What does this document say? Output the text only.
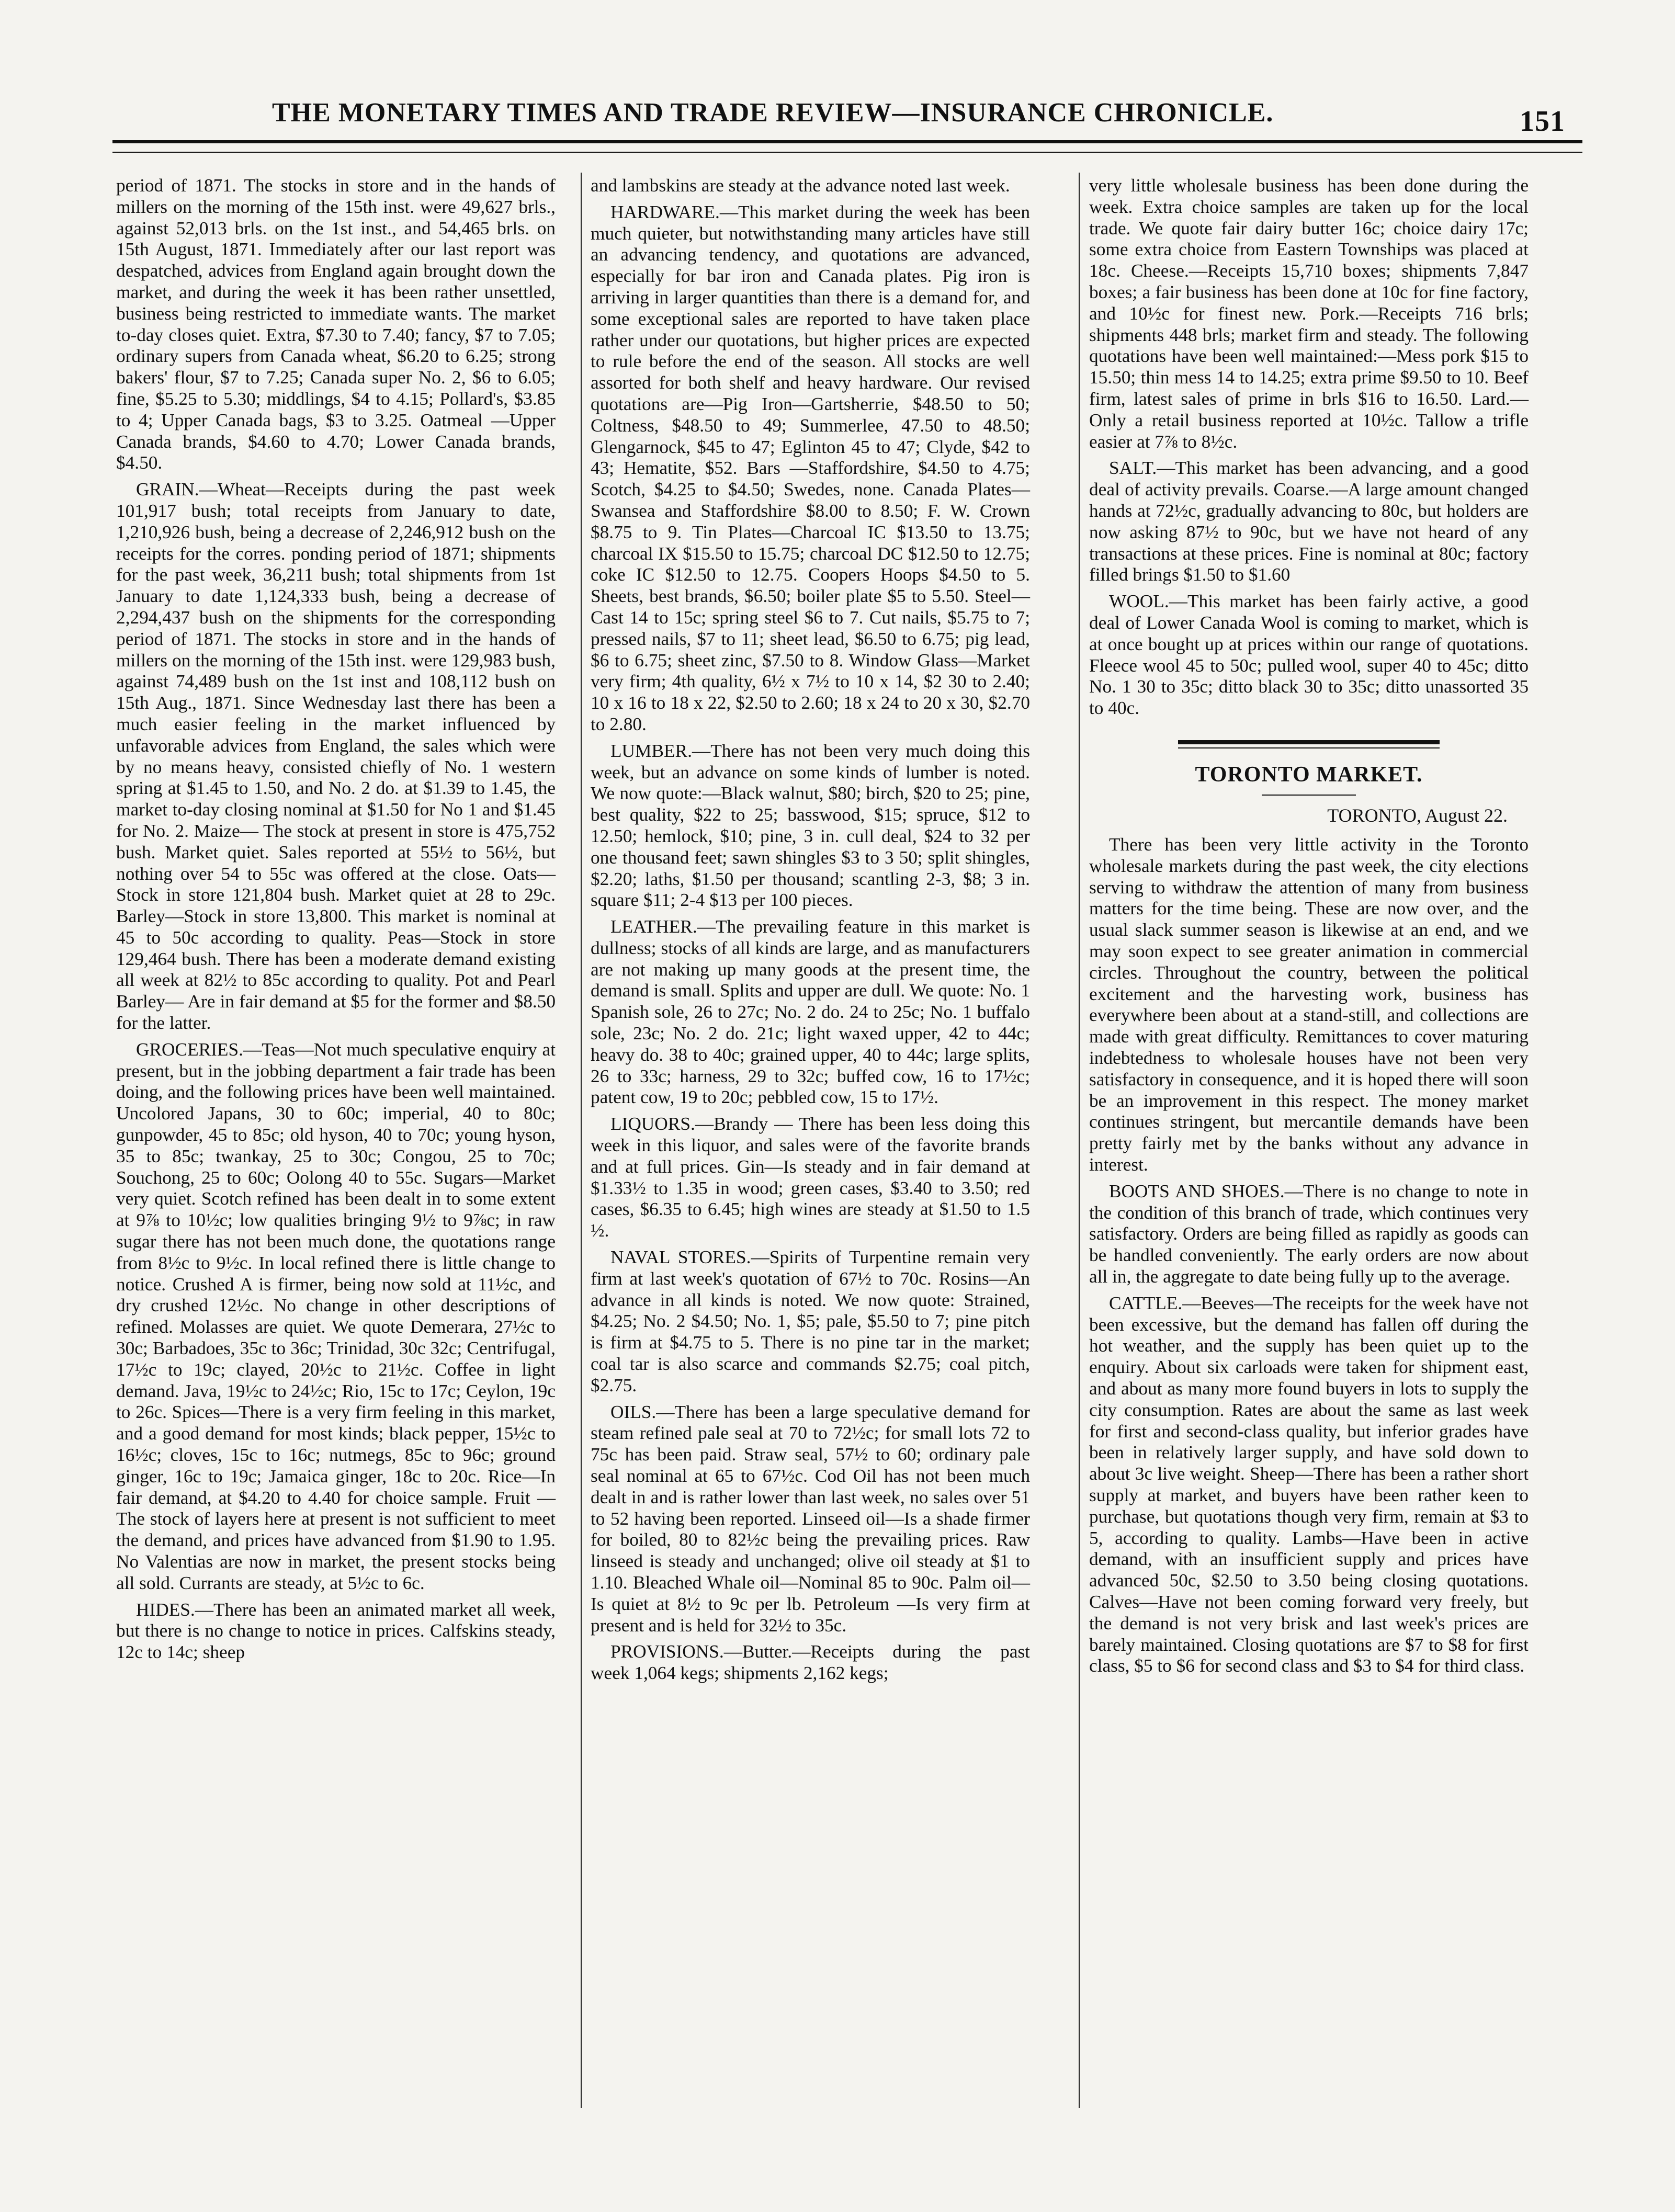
THE MONETARY TIMES AND TRADE REVIEW—INSURANCE CHRONICLE.	151

period of 1871. The stocks in store and in the hands of millers on the morning of the 15th inst. were 49,627 brls., against 52,013 brls. on the 1st inst., and 54,465 brls. on 15th August, 1871. Immediately after our last report was despatched, advices from England again brought down the market, and during the week it has been rather unsettled, business being restricted to immediate wants. The market to-day closes quiet. Extra, $7.30 to 7.40; fancy, $7 to 7.05; ordinary supers from Canada wheat, $6.20 to 6.25; strong bakers' flour, $7 to 7.25; Canada super No. 2, $6 to 6.05; fine, $5.25 to 5.30; middlings, $4 to 4.15; Pollard's, $3.85 to 4; Upper Canada bags, $3 to 3.25. Oatmeal —Upper Canada brands, $4.60 to 4.70; Lower Canada brands, $4.50.

GRAIN.—Wheat—Receipts during the past week 101,917 bush; total receipts from January to date, 1,210,926 bush, being a decrease of 2,246,912 bush on the receipts for the corres. ponding period of 1871; shipments for the past week, 36,211 bush; total shipments from 1st January to date 1,124,333 bush, being a decrease of 2,294,437 bush on the shipments for the corresponding period of 1871. The stocks in store and in the hands of millers on the morning of the 15th inst. were 129,983 bush, against 74,489 bush on the 1st inst and 108,112 bush on 15th Aug., 1871. Since Wednesday last there has been a much easier feeling in the market influenced by unfavorable advices from England, the sales which were by no means heavy, consisted chiefly of No. 1 western spring at $1.45 to 1.50, and No. 2 do. at $1.39 to 1.45, the market to-day closing nominal at $1.50 for No 1 and $1.45 for No. 2. Maize— The stock at present in store is 475,752 bush. Market quiet. Sales reported at 55½ to 56½, but nothing over 54 to 55c was offered at the close. Oats—Stock in store 121,804 bush. Market quiet at 28 to 29c. Barley—Stock in store 13,800. This market is nominal at 45 to 50c according to quality. Peas—Stock in store 129,464 bush. There has been a moderate demand existing all week at 82½ to 85c according to quality. Pot and Pearl Barley— Are in fair demand at $5 for the former and $8.50 for the latter.

GROCERIES.—Teas—Not much speculative enquiry at present, but in the jobbing department a fair trade has been doing, and the following prices have been well maintained. Uncolored Japans, 30 to 60c; imperial, 40 to 80c; gunpowder, 45 to 85c; old hyson, 40 to 70c; young hyson, 35 to 85c; twankay, 25 to 30c; Congou, 25 to 70c; Souchong, 25 to 60c; Oolong 40 to 55c. Sugars—Market very quiet. Scotch refined has been dealt in to some extent at 9⅞ to 10½c; low qualities bringing 9½ to 9⅞c; in raw sugar there has not been much done, the quotations range from 8½c to 9½c. In local refined there is little change to notice. Crushed A is firmer, being now sold at 11½c, and dry crushed 12½c. No change in other descriptions of refined. Molasses are quiet. We quote Demerara, 27½c to 30c; Barbadoes, 35c to 36c; Trinidad, 30c 32c; Centrifugal, 17½c to 19c; clayed, 20½c to 21½c. Coffee in light demand. Java, 19½c to 24½c; Rio, 15c to 17c; Ceylon, 19c to 26c. Spices—There is a very firm feeling in this market, and a good demand for most kinds; black pepper, 15½c to 16½c; cloves, 15c to 16c; nutmegs, 85c to 96c; ground ginger, 16c to 19c; Jamaica ginger, 18c to 20c. Rice—In fair demand, at $4.20 to 4.40 for choice sample. Fruit —The stock of layers here at present is not sufficient to meet the demand, and prices have advanced from $1.90 to 1.95. No Valentias are now in market, the present stocks being all sold. Currants are steady, at 5½c to 6c.

HIDES.—There has been an animated market all week, but there is no change to notice in prices. Calfskins steady, 12c to 14c; sheep

and lambskins are steady at the advance noted last week.

HARDWARE.—This market during the week has been much quieter, but notwithstanding many articles have still an advancing tendency, and quotations are advanced, especially for bar iron and Canada plates. Pig iron is arriving in larger quantities than there is a demand for, and some exceptional sales are reported to have taken place rather under our quotations, but higher prices are expected to rule before the end of the season. All stocks are well assorted for both shelf and heavy hardware. Our revised quotations are—Pig Iron—Gartsherrie, $48.50 to 50; Coltness, $48.50 to 49; Summerlee, 47.50 to 48.50; Glengarnock, $45 to 47; Eglinton 45 to 47; Clyde, $42 to 43; Hematite, $52. Bars —Staffordshire, $4.50 to 4.75; Scotch, $4.25 to $4.50; Swedes, none. Canada Plates—Swansea and Staffordshire $8.00 to 8.50; F. W. Crown $8.75 to 9. Tin Plates—Charcoal IC $13.50 to 13.75; charcoal IX $15.50 to 15.75; charcoal DC $12.50 to 12.75; coke IC $12.50 to 12.75. Coopers Hoops $4.50 to 5. Sheets, best brands, $6.50; boiler plate $5 to 5.50. Steel— Cast 14 to 15c; spring steel $6 to 7. Cut nails, $5.75 to 7; pressed nails, $7 to 11; sheet lead, $6.50 to 6.75; pig lead, $6 to 6.75; sheet zinc, $7.50 to 8. Window Glass—Market very firm; 4th quality, 6½ x 7½ to 10 x 14, $2 30 to 2.40; 10 x 16 to 18 x 22, $2.50 to 2.60; 18 x 24 to 20 x 30, $2.70 to 2.80.

LUMBER.—There has not been very much doing this week, but an advance on some kinds of lumber is noted. We now quote:—Black walnut, $80; birch, $20 to 25; pine, best quality, $22 to 25; basswood, $15; spruce, $12 to 12.50; hemlock, $10; pine, 3 in. cull deal, $24 to 32 per one thousand feet; sawn shingles $3 to 3 50; split shingles, $2.20; laths, $1.50 per thousand; scantling 2-3, $8; 3 in. square $11; 2-4 $13 per 100 pieces.

LEATHER.—The prevailing feature in this market is dullness; stocks of all kinds are large, and as manufacturers are not making up many goods at the present time, the demand is small. Splits and upper are dull. We quote: No. 1 Spanish sole, 26 to 27c; No. 2 do. 24 to 25c; No. 1 buffalo sole, 23c; No. 2 do. 21c; light waxed upper, 42 to 44c; heavy do. 38 to 40c; grained upper, 40 to 44c; large splits, 26 to 33c; harness, 29 to 32c; buffed cow, 16 to 17½c; patent cow, 19 to 20c; pebbled cow, 15 to 17½.

LIQUORS.—Brandy — There has been less doing this week in this liquor, and sales were of the favorite brands and at full prices. Gin—Is steady and in fair demand at $1.33½ to 1.35 in wood; green cases, $3.40 to 3.50; red cases, $6.35 to 6.45; high wines are steady at $1.50 to 1.5 ½.

NAVAL STORES.—Spirits of Turpentine remain very firm at last week's quotation of 67½ to 70c. Rosins—An advance in all kinds is noted. We now quote: Strained, $4.25; No. 2 $4.50; No. 1, $5; pale, $5.50 to 7; pine pitch is firm at $4.75 to 5. There is no pine tar in the market; coal tar is also scarce and commands $2.75; coal pitch, $2.75.

OILS.—There has been a large speculative demand for steam refined pale seal at 70 to 72½c; for small lots 72 to 75c has been paid. Straw seal, 57½ to 60; ordinary pale seal nominal at 65 to 67½c. Cod Oil has not been much dealt in and is rather lower than last week, no sales over 51 to 52 having been reported. Linseed oil—Is a shade firmer for boiled, 80 to 82½c being the prevailing prices. Raw linseed is steady and unchanged; olive oil steady at $1 to 1.10. Bleached Whale oil—Nominal 85 to 90c. Palm oil—Is quiet at 8½ to 9c per lb. Petroleum —Is very firm at present and is held for 32½ to 35c.

PROVISIONS.—Butter.—Receipts during the past week 1,064 kegs; shipments 2,162 kegs;

very little wholesale business has been done during the week. Extra choice samples are taken up for the local trade. We quote fair dairy butter 16c; choice dairy 17c; some extra choice from Eastern Townships was placed at 18c. Cheese.—Receipts 15,710 boxes; shipments 7,847 boxes; a fair business has been done at 10c for fine factory, and 10½c for finest new. Pork.—Receipts 716 brls; shipments 448 brls; market firm and steady. The following quotations have been well maintained:—Mess pork $15 to 15.50; thin mess 14 to 14.25; extra prime $9.50 to 10. Beef firm, latest sales of prime in brls $16 to 16.50. Lard.—Only a retail business reported at 10½c. Tallow a trifle easier at 7⅞ to 8½c.

SALT.—This market has been advancing, and a good deal of activity prevails. Coarse.—A large amount changed hands at 72½c, gradually advancing to 80c, but holders are now asking 87½ to 90c, but we have not heard of any transactions at these prices. Fine is nominal at 80c; factory filled brings $1.50 to $1.60

WOOL.—This market has been fairly active, a good deal of Lower Canada Wool is coming to market, which is at once bought up at prices within our range of quotations. Fleece wool 45 to 50c; pulled wool, super 40 to 45c; ditto No. 1 30 to 35c; ditto black 30 to 35c; ditto unassorted 35 to 40c.

TORONTO MARKET.
TORONTO, August 22.

There has been very little activity in the Toronto wholesale markets during the past week, the city elections serving to withdraw the attention of many from business matters for the time being. These are now over, and the usual slack summer season is likewise at an end, and we may soon expect to see greater animation in commercial circles. Throughout the country, between the political excitement and the harvesting work, business has everywhere been about at a stand-still, and collections are made with great difficulty. Remittances to cover maturing indebtedness to wholesale houses have not been very satisfactory in consequence, and it is hoped there will soon be an improvement in this respect. The money market continues stringent, but mercantile demands have been pretty fairly met by the banks without any advance in interest.

BOOTS AND SHOES.—There is no change to note in the condition of this branch of trade, which continues very satisfactory. Orders are being filled as rapidly as goods can be handled conveniently. The early orders are now about all in, the aggregate to date being fully up to the average.

CATTLE.—Beeves—The receipts for the week have not been excessive, but the demand has fallen off during the hot weather, and the supply has been quiet up to the enquiry. About six carloads were taken for shipment east, and about as many more found buyers in lots to supply the city consumption. Rates are about the same as last week for first and second-class quality, but inferior grades have been in relatively larger supply, and have sold down to about 3c live weight. Sheep—There has been a rather short supply at market, and buyers have been rather keen to purchase, but quotations though very firm, remain at $3 to 5, according to quality. Lambs—Have been in active demand, with an insufficient supply and prices have advanced 50c, $2.50 to 3.50 being closing quotations. Calves—Have not been coming forward very freely, but the demand is not very brisk and last week's prices are barely maintained. Closing quotations are $7 to $8 for first class, $5 to $6 for second class and $3 to $4 for third class.
